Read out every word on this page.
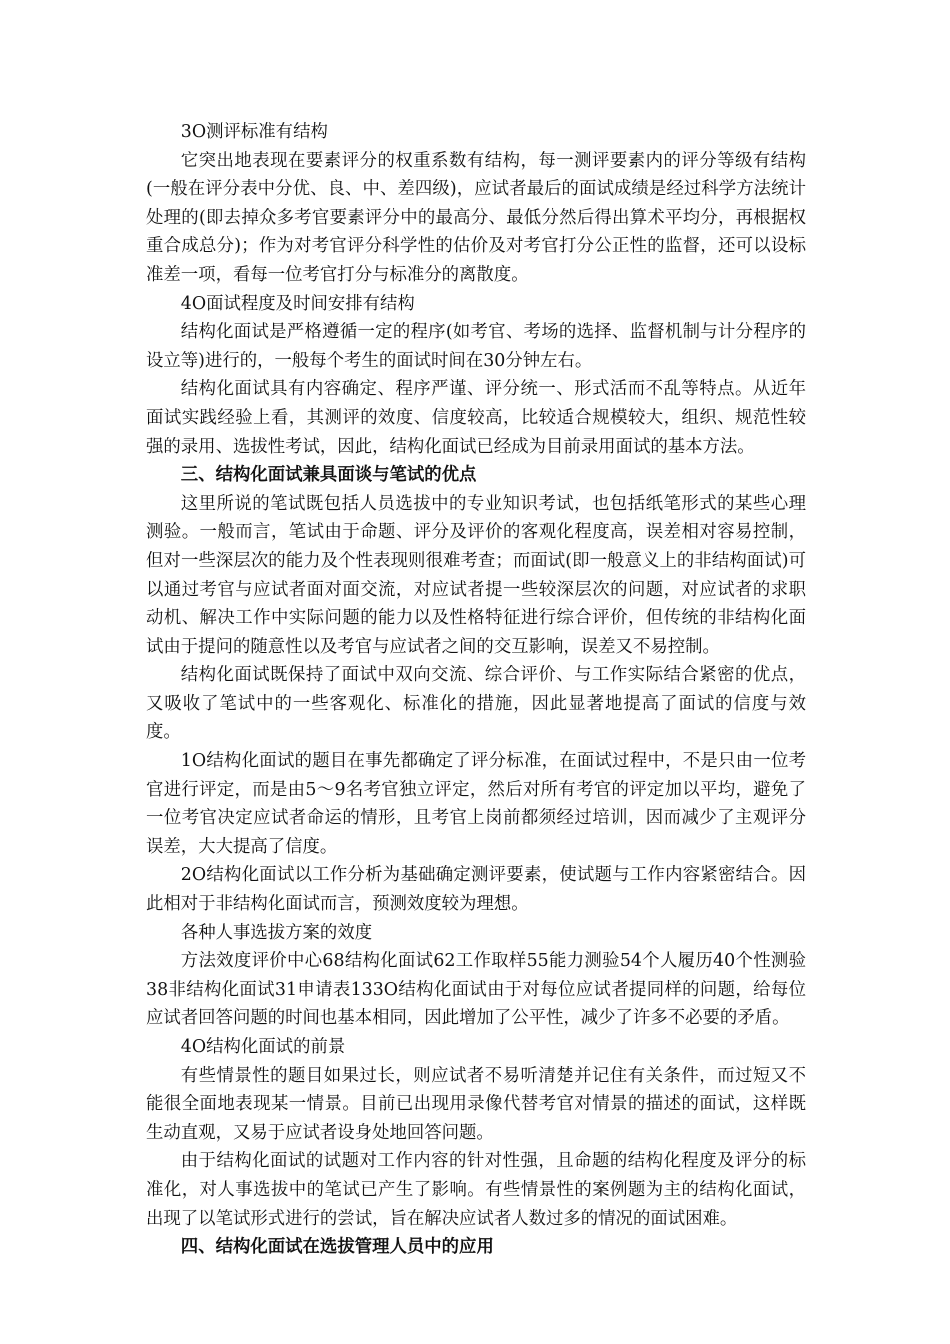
3O测评标准有结构

它突出地表现在要素评分的权重系数有结构，每一测评要素内的评分等级有结构(一般在评分表中分优、良、中、差四级)，应试者最后的面试成绩是经过科学方法统计处理的(即去掉众多考官要素评分中的最高分、最低分然后得出算术平均分，再根据权重合成总分)；作为对考官评分科学性的估价及对考官打分公正性的监督，还可以设标准差一项，看每一位考官打分与标准分的离散度。

4O面试程度及时间安排有结构

结构化面试是严格遵循一定的程序(如考官、考场的选择、监督机制与计分程序的设立等)进行的，一般每个考生的面试时间在30分钟左右。

结构化面试具有内容确定、程序严谨、评分统一、形式活而不乱等特点。从近年面试实践经验上看，其测评的效度、信度较高，比较适合规模较大，组织、规范性较强的录用、选拔性考试，因此，结构化面试已经成为目前录用面试的基本方法。

三、结构化面试兼具面谈与笔试的优点

这里所说的笔试既包括人员选拔中的专业知识考试，也包括纸笔形式的某些心理测验。一般而言，笔试由于命题、评分及评价的客观化程度高，误差相对容易控制，但对一些深层次的能力及个性表现则很难考查；而面试(即一般意义上的非结构面试)可以通过考官与应试者面对面交流，对应试者提一些较深层次的问题，对应试者的求职动机、解决工作中实际问题的能力以及性格特征进行综合评价，但传统的非结构化面试由于提问的随意性以及考官与应试者之间的交互影响，误差又不易控制。

结构化面试既保持了面试中双向交流、综合评价、与工作实际结合紧密的优点，又吸收了笔试中的一些客观化、标准化的措施，因此显著地提高了面试的信度与效度。

1O结构化面试的题目在事先都确定了评分标准，在面试过程中，不是只由一位考官进行评定，而是由5～9名考官独立评定，然后对所有考官的评定加以平均，避免了一位考官决定应试者命运的情形，且考官上岗前都须经过培训，因而减少了主观评分误差，大大提高了信度。

2O结构化面试以工作分析为基础确定测评要素，使试题与工作内容紧密结合。因此相对于非结构化面试而言，预测效度较为理想。

各种人事选拔方案的效度

方法效度评价中心68结构化面试62工作取样55能力测验54个人履历40个性测验38非结构化面试31申请表133O结构化面试由于对每位应试者提同样的问题，给每位应试者回答问题的时间也基本相同，因此增加了公平性，减少了许多不必要的矛盾。

4O结构化面试的前景

有些情景性的题目如果过长，则应试者不易听清楚并记住有关条件，而过短又不能很全面地表现某一情景。目前已出现用录像代替考官对情景的描述的面试，这样既生动直观，又易于应试者设身处地回答问题。

由于结构化面试的试题对工作内容的针对性强，且命题的结构化程度及评分的标准化，对人事选拔中的笔试已产生了影响。有些情景性的案例题为主的结构化面试，出现了以笔试形式进行的尝试，旨在解决应试者人数过多的情况的面试困难。

四、结构化面试在选拔管理人员中的应用
